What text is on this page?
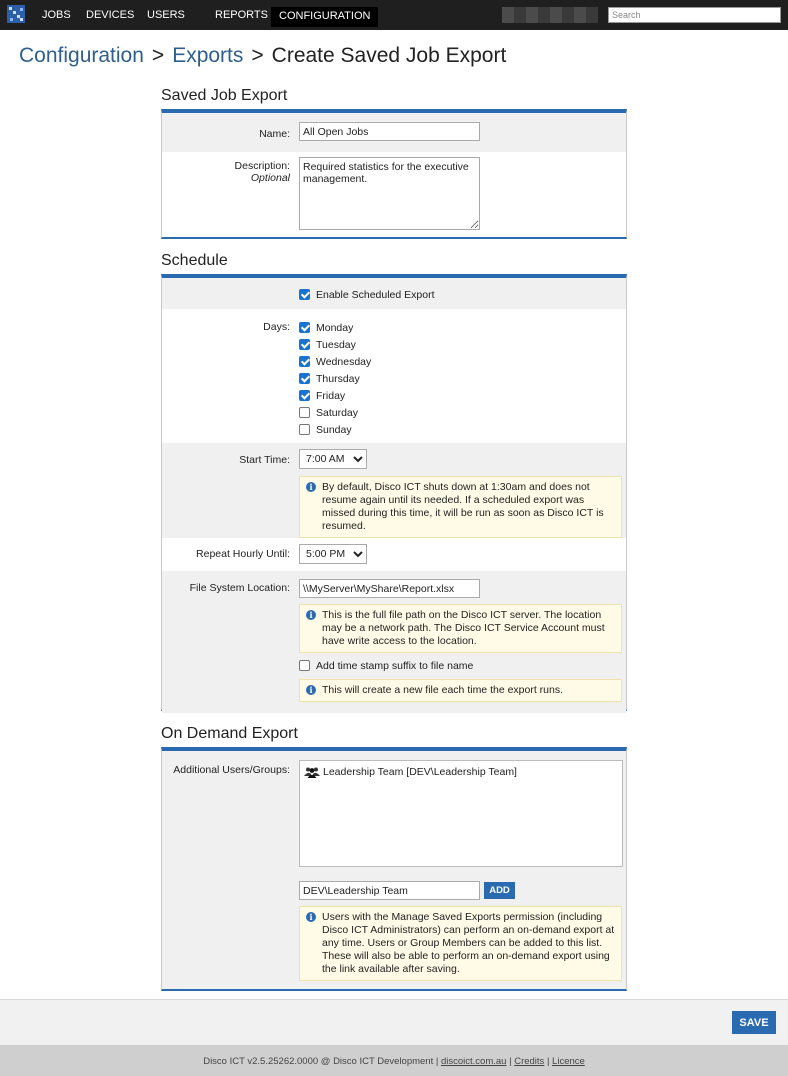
JOBS DEVICES USERS	REPORTS	CONFIGURATION
Search
Configuration > Exports > Create Saved Job Export
Saved Job Export
Name:
All Open Jobs
Description:
Optional
Required statistics for the executive management.
Schedule
Enable Scheduled Export
Days: Monday
Tuesday
Wednesday
Thursday
Friday
Saturday
Sunday
Start Time:
7:00 AM
i By default, Disco ICT shuts down at 1:30am and does not resume again until its needed. If a scheduled export was missed during this time, it will be run as soon as Disco ICT is resumed.
Repeat Hourly Until:
5:00 PM
File System Location:
\\MyServer\MyShare\Report.xlsx
i This is the full file path on the Disco ICT server. The location may be a network path. The Disco ICT Service Account must have write access to the location.
Add time stamp suffix to file name
i This will create a new file each time the export runs.
On Demand Export
Additional Users/Groups:	Leadership Team [DEV\Leadership Team]
DEV\Leadership Team
ADD
i Users with the Manage Saved Exports permission (including Disco ICT Administrators) can perform an on-demand export at any time. Users or Group Members can be added to this list. These will also be able to perform an on-demand export using the link available after saving.
SAVE
Disco ICT v2.5.25262.0000 @ Disco ICT Development | discoict.com.au | Credits | Licence
